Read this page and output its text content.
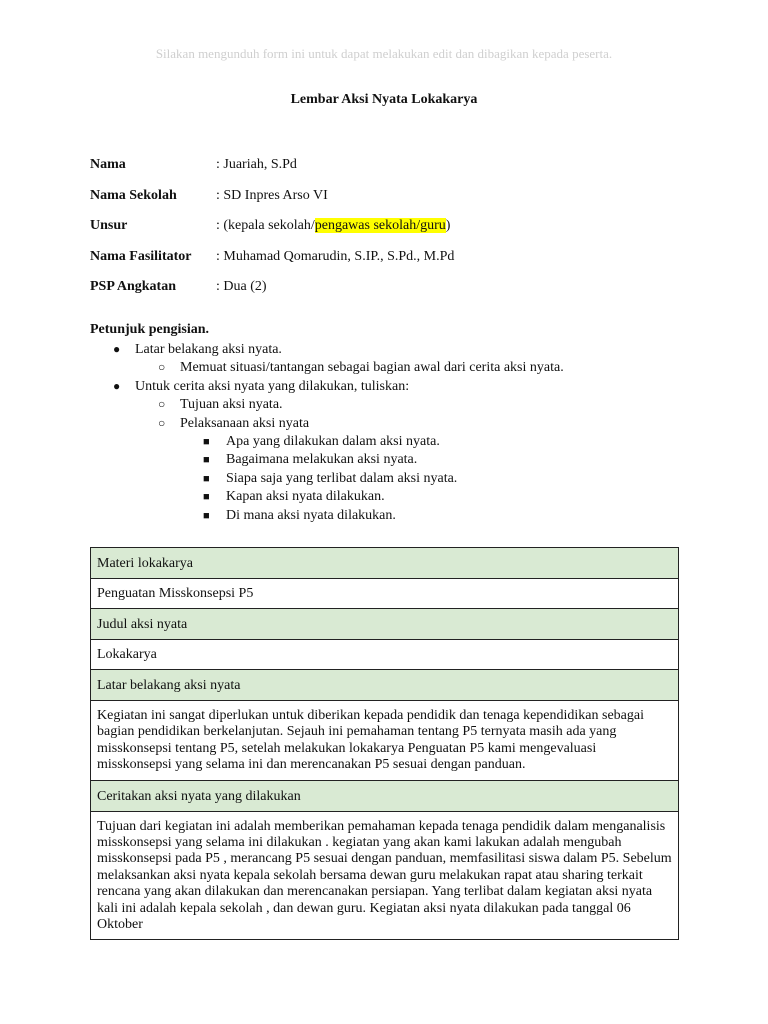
Silakan mengunduh form ini untuk dapat melakukan edit dan dibagikan kepada peserta.
Lembar Aksi Nyata Lokakarya
Nama	: Juariah, S.Pd
Nama Sekolah	: SD Inpres Arso VI
Unsur	: (kepala sekolah/pengawas sekolah/guru)
Nama Fasilitator	: Muhamad Qomarudin, S.IP., S.Pd., M.Pd
PSP Angkatan	: Dua (2)
Petunjuk pengisian.
●	Latar belakang aksi nyata.
○	Memuat situasi/tantangan sebagai bagian awal dari cerita aksi nyata.
●	Untuk cerita aksi nyata yang dilakukan, tuliskan:
○	Tujuan aksi nyata.
○	Pelaksanaan aksi nyata
■	Apa yang dilakukan dalam aksi nyata.
■	Bagaimana melakukan aksi nyata.
■	Siapa saja yang terlibat dalam aksi nyata.
■	Kapan aksi nyata dilakukan.
■	Di mana aksi nyata dilakukan.
Materi lokakarya
Penguatan Misskonsepsi P5
Judul aksi nyata
Lokakarya
Latar belakang aksi nyata
Kegiatan ini sangat diperlukan untuk diberikan kepada pendidik dan tenaga kependidikan sebagai bagian pendidikan berkelanjutan. Sejauh ini pemahaman tentang P5 ternyata masih ada yang misskonsepsi tentang P5, setelah melakukan lokakarya Penguatan P5 kami mengevaluasi misskonsepsi yang selama ini dan merencanakan P5 sesuai dengan panduan.
Ceritakan aksi nyata yang dilakukan
Tujuan dari kegiatan ini adalah memberikan pemahaman kepada tenaga pendidik dalam menganalisis misskonsepsi yang selama ini dilakukan . kegiatan yang akan kami lakukan adalah mengubah misskonsepsi pada P5 , merancang P5 sesuai dengan panduan, memfasilitasi siswa dalam P5. Sebelum melaksankan aksi nyata kepala sekolah bersama dewan guru melakukan rapat atau sharing terkait rencana yang akan dilakukan dan merencanakan persiapan. Yang terlibat dalam kegiatan aksi nyata kali ini adalah kepala sekolah , dan dewan guru. Kegiatan aksi nyata dilakukan pada tanggal 06 Oktober
